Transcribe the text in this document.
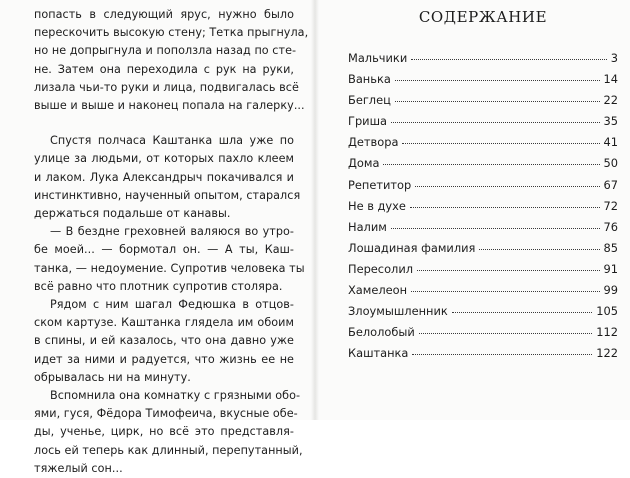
попасть в следующий ярус, нужно было
перескочить высокую стену; Тетка прыгнула,
но не допрыгнула и поползла назад по сте-
не. Затем она переходила с рук на руки,
лизала чьи-то руки и лица, подвигалась всё
выше и выше и наконец попала на галерку...
Спустя полчаса Каштанка шла уже по
улице за людьми, от которых пахло клеем
и лаком. Лука Александрыч покачивался и
инстинктивно, наученный опытом, старался
держаться подальше от канавы.
— В бездне греховней валяюся во утро-
бе моей... — бормотал он. — А ты, Каш-
танка, — недоумение. Супротив человека ты
всё равно что плотник супротив столяра.
Рядом с ним шагал Федюшка в отцов-
ском картузе. Каштанка глядела им обоим
в спины, и ей казалось, что она давно уже
идет за ними и радуется, что жизнь ее не
обрывалась ни на минуту.
Вспомнила она комнатку с грязными обо-
ями, гуся, Фёдора Тимофеича, вкусные обе-
ды, ученье, цирк, но всё это представля-
лось ей теперь как длинный, перепутанный,
тяжелый сон...
СОДЕРЖАНИЕ
Мальчики	3
Ванька	14
Беглец	22
Гриша	35
Детвора	41
Дома	50
Репетитор	67
Не в духе	72
Налим	76
Лошадиная фамилия	85
Пересолил	91
Хамелеон	99
Злоумышленник	105
Белолобый	112
Каштанка	122
